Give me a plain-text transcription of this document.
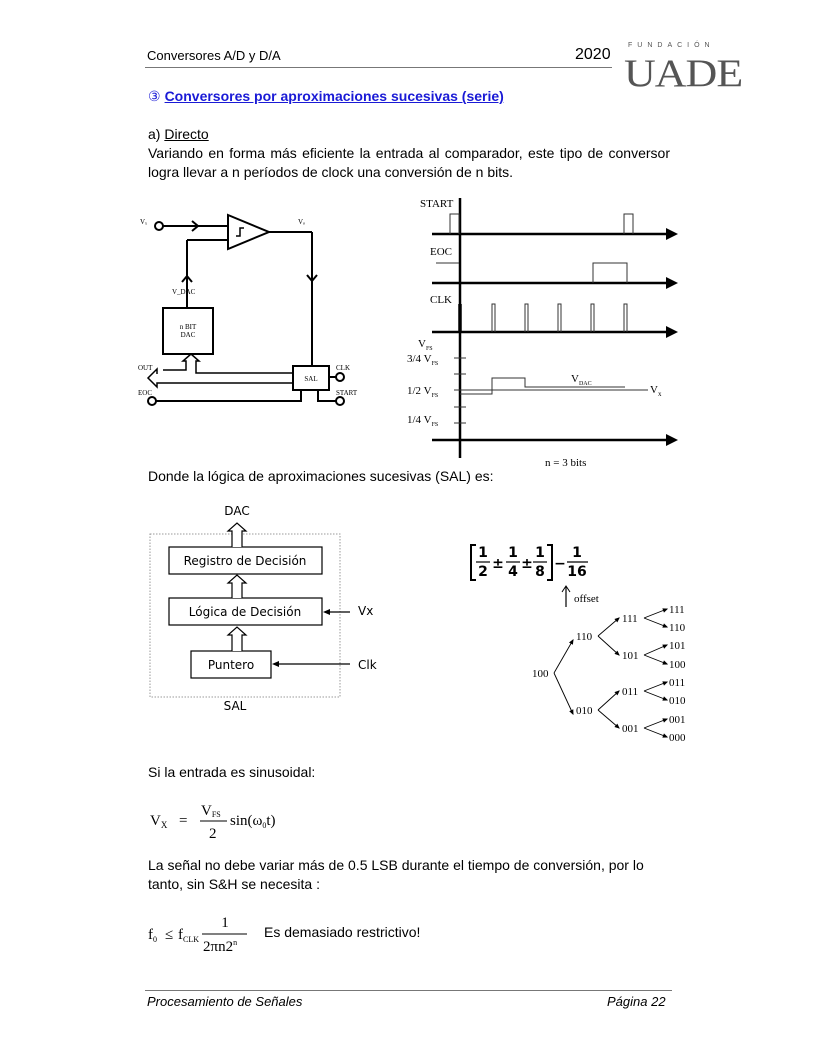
Conversores A/D y D/A	2020
FUNDACIÓN
UADE
③ Conversores por aproximaciones sucesivas (serie)
a) Directo
Variando en forma más eficiente la entrada al comparador, este tipo de conversor logra llevar a n períodos de clock una conversión de n bits.
Vₓ	Vₒ
V_DAC
n BIT
DAC
SAL
OUT
EOC
CLK
START
START
EOC
CLK
$V_{FS}$
3/4 $V_{FS}$
1/2 $V_{FS}$
1/4 $V_{FS}$
$V_{DAC}$	$V_x$
n = 3 bits
Donde la lógica de aproximaciones sucesivas (SAL) es:
DAC
Registro de Decisión
Lógica de Decisión
Puntero
Vx
Clk
SAL
1
2 ±
1
4 ±
1
8 −
1
16
offset
100
110
010
111
101
011
001
111
110
101
100
011
010
001
000
Si la entrada es sinusoidal:
$V_X$ =
VFS
2
$\sin(\omega_0t)$
La señal no debe variar más de 0.5 LSB durante el tiempo de conversión, por lo tanto, sin S&H se necesita :
$f_0 \le f_{CLK}$
1
2πn2$^n$
Es demasiado restrictivo!
Procesamiento de Señales	Página 22
